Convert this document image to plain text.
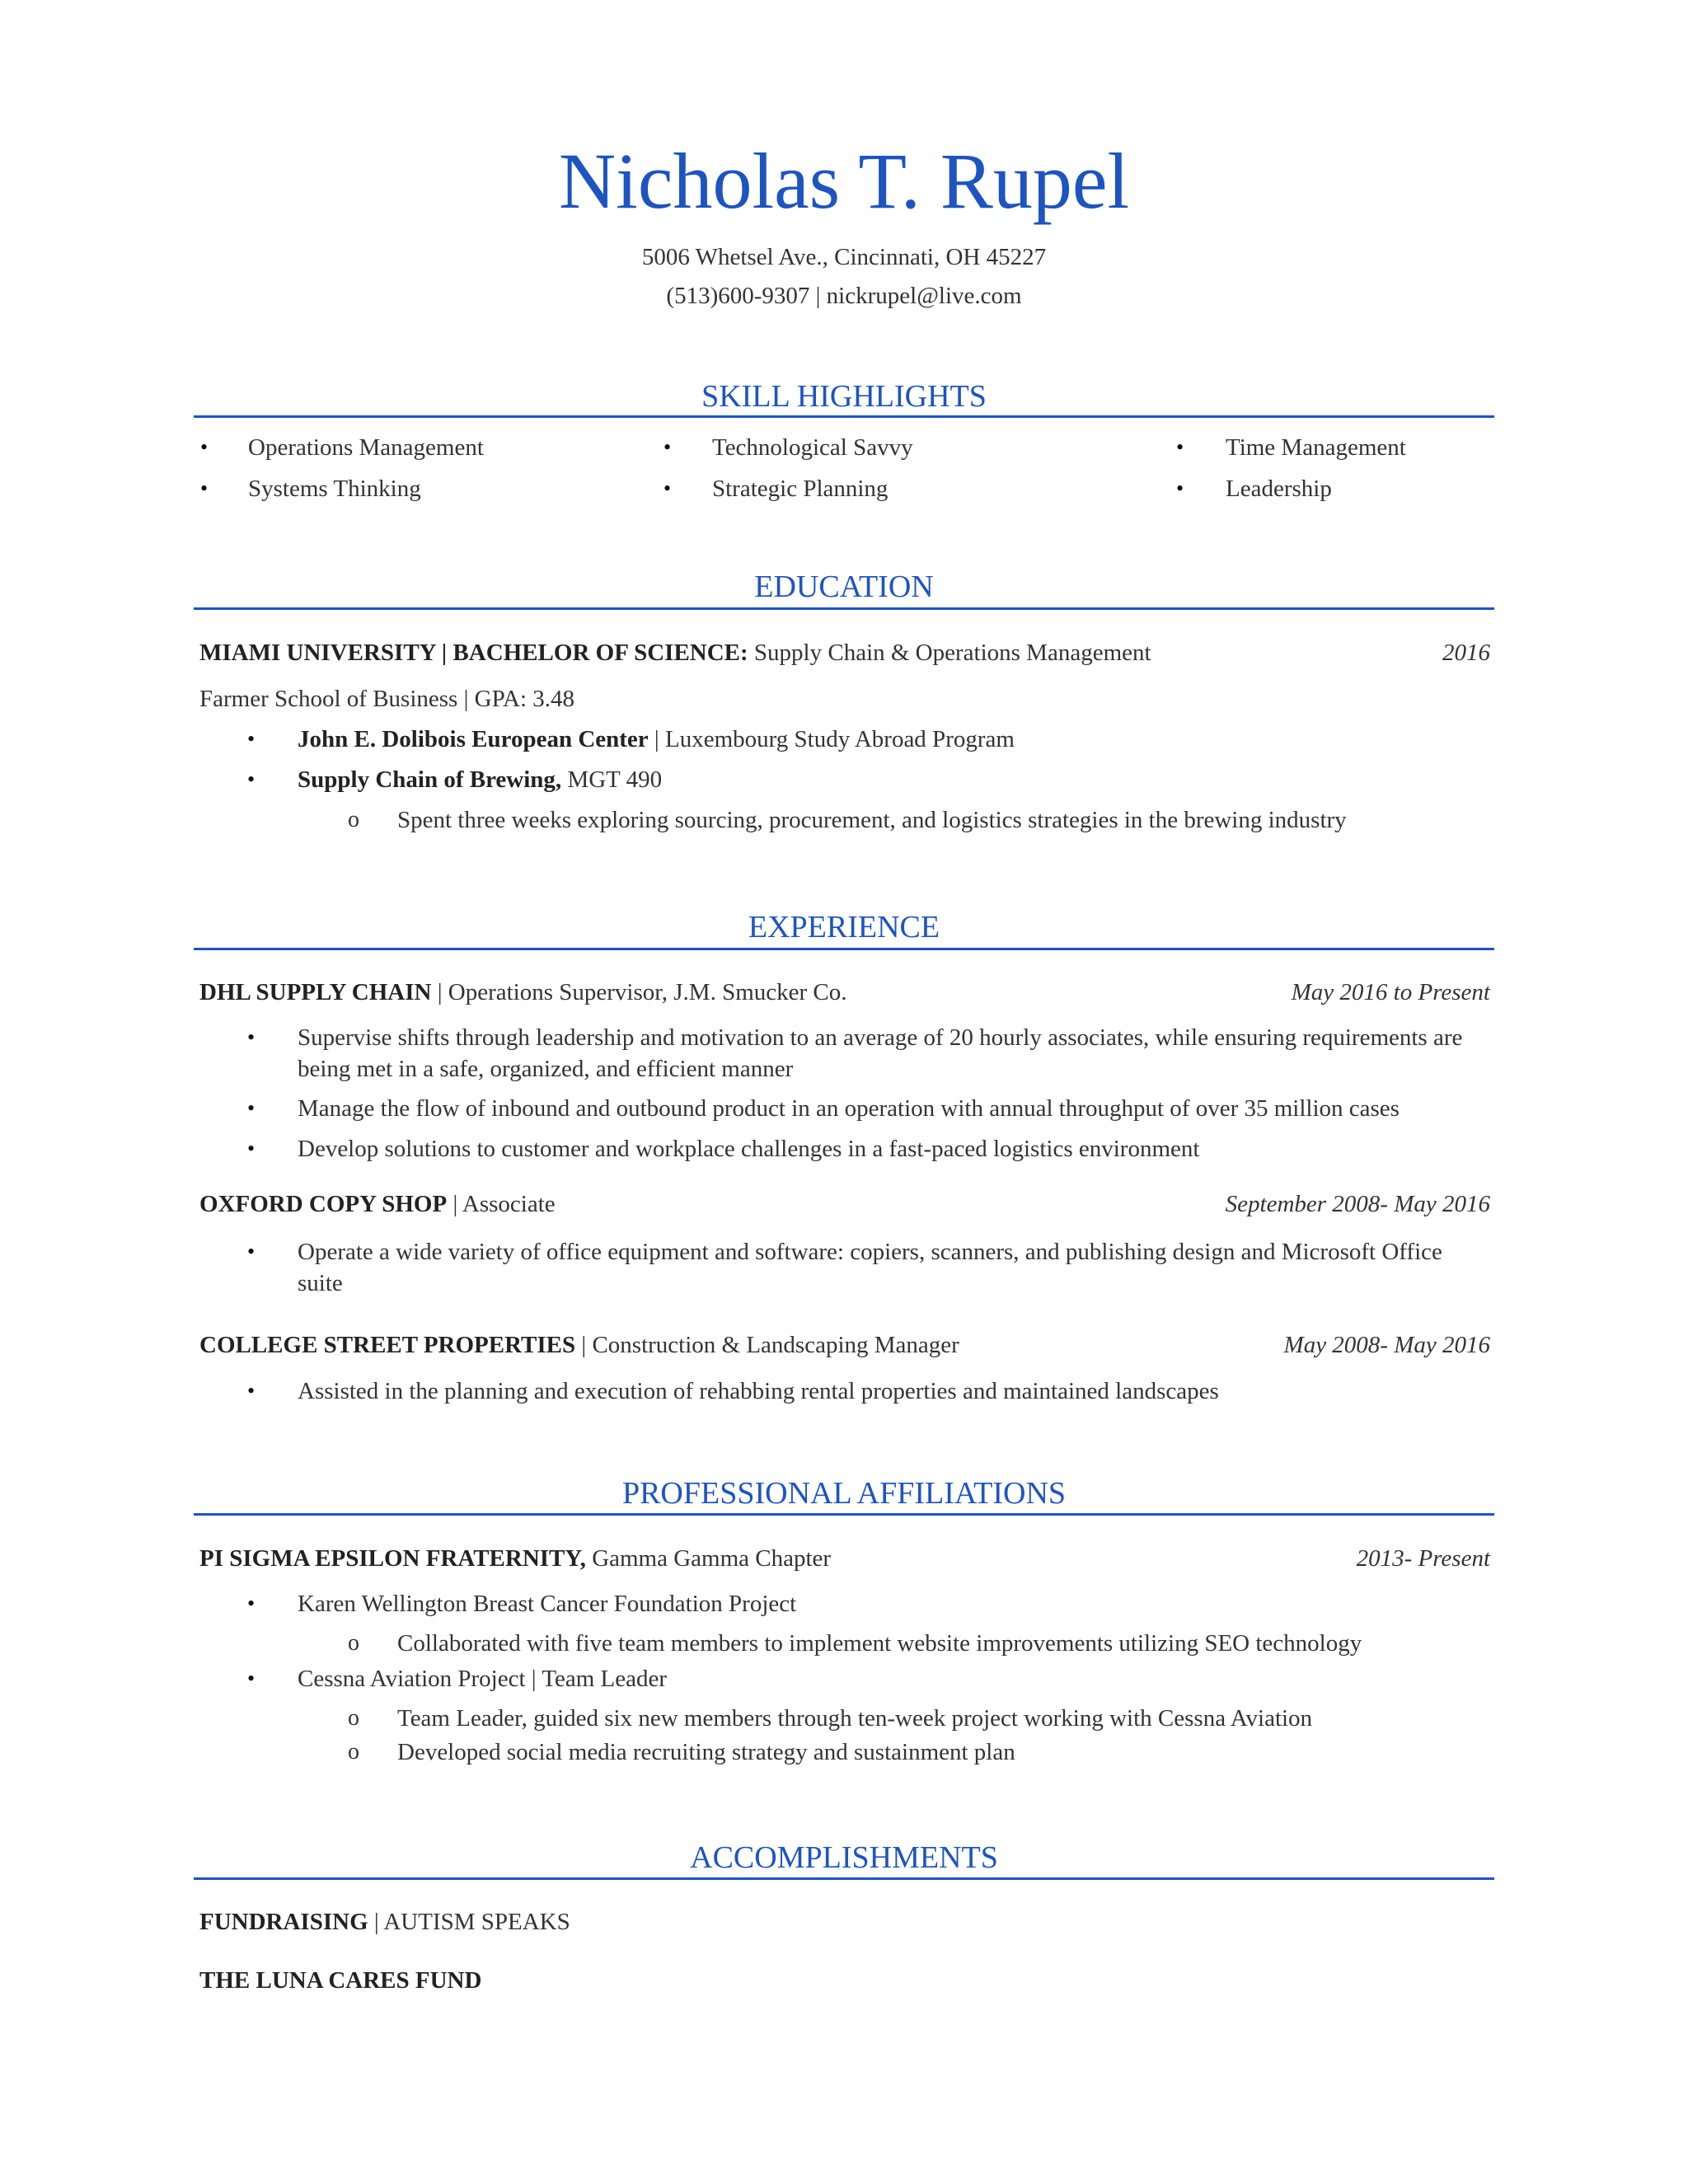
Nicholas T. Rupel
5006 Whetsel Ave., Cincinnati, OH 45227
(513)600-9307 | nickrupel@live.com
SKILL HIGHLIGHTS
• Operations Management	• Technological Savvy	• Time Management
• Systems Thinking	• Strategic Planning	• Leadership
EDUCATION
MIAMI UNIVERSITY | BACHELOR OF SCIENCE: Supply Chain & Operations Management	2016
Farmer School of Business | GPA: 3.48
• John E. Dolibois European Center | Luxembourg Study Abroad Program
• Supply Chain of Brewing, MGT 490
o Spent three weeks exploring sourcing, procurement, and logistics strategies in the brewing industry
EXPERIENCE
DHL SUPPLY CHAIN | Operations Supervisor, J.M. Smucker Co.	May 2016 to Present
• Supervise shifts through leadership and motivation to an average of 20 hourly associates, while ensuring requirements are being met in a safe, organized, and efficient manner
• Manage the flow of inbound and outbound product in an operation with annual throughput of over 35 million cases
• Develop solutions to customer and workplace challenges in a fast-paced logistics environment
OXFORD COPY SHOP | Associate	September 2008- May 2016
• Operate a wide variety of office equipment and software: copiers, scanners, and publishing design and Microsoft Office suite
COLLEGE STREET PROPERTIES | Construction & Landscaping Manager	May 2008- May 2016
• Assisted in the planning and execution of rehabbing rental properties and maintained landscapes
PROFESSIONAL AFFILIATIONS
PI SIGMA EPSILON FRATERNITY, Gamma Gamma Chapter	2013- Present
• Karen Wellington Breast Cancer Foundation Project
o Collaborated with five team members to implement website improvements utilizing SEO technology
• Cessna Aviation Project | Team Leader
o Team Leader, guided six new members through ten-week project working with Cessna Aviation
o Developed social media recruiting strategy and sustainment plan
ACCOMPLISHMENTS
FUNDRAISING | AUTISM SPEAKS
THE LUNA CARES FUND
